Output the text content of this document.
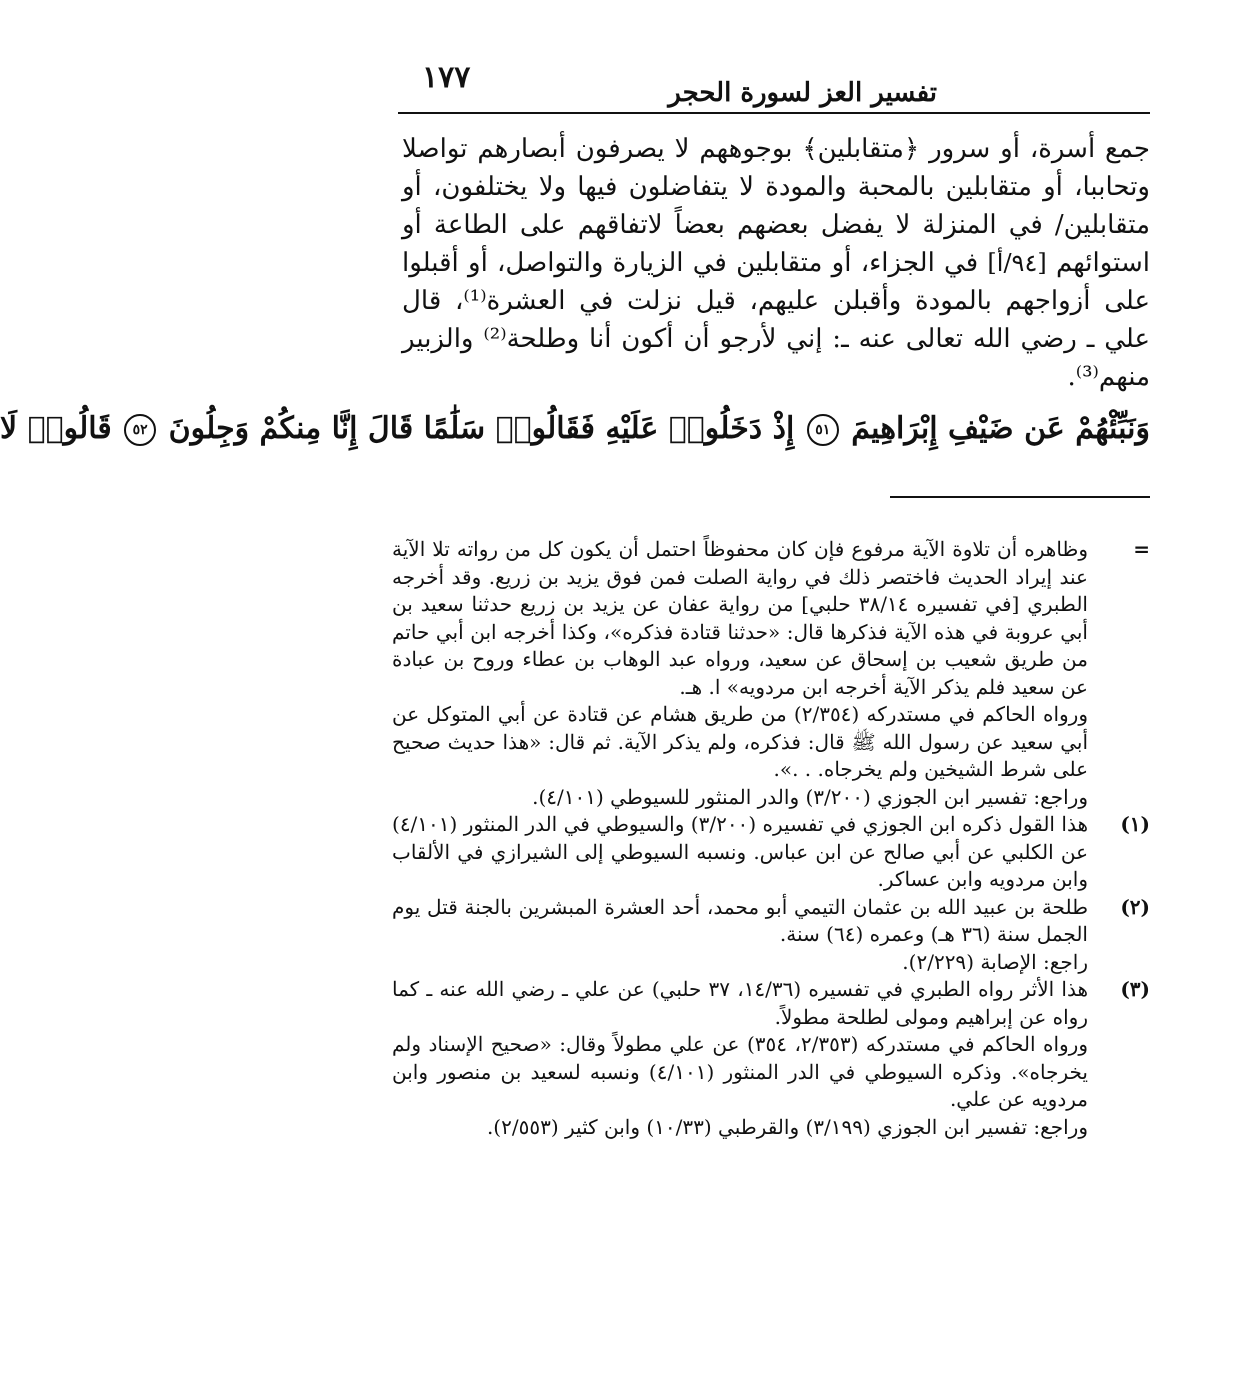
١٧٧	تفسير العز لسورة الحجر

جمع أسرة، أو سرور ﴿متقابلين﴾ بوجوههم لا يصرفون أبصارهم تواصلا وتحاببا، أو متقابلين بالمحبة والمودة لا يتفاضلون فيها ولا يختلفون، أو متقابلين/ في المنزلة لا يفضل بعضهم بعضاً لاتفاقهم على الطاعة أو استوائهم [٩٤/أ] في الجزاء، أو متقابلين في الزيارة والتواصل، أو أقبلوا على أزواجهم بالمودة وأقبلن عليهم، قيل نزلت في العشرة⁽¹⁾، قال علي ـ رضي الله تعالى عنه ـ: إني لأرجو أن أكون أنا وطلحة⁽²⁾ والزبير منهم⁽³⁾.

وَنَبِّئْهُمْ عَن ضَيْفِ إِبْرَاهِيمَ ٥١ إِذْ دَخَلُوا۟ عَلَيْهِ فَقَالُوا۟ سَلَٰمًا قَالَ إِنَّا مِنكُمْ وَجِلُونَ ٥٢ قَالُوا۟ لَا
=

وظاهره أن تلاوة الآية مرفوع فإن كان محفوظاً احتمل أن يكون كل من رواته تلا الآية عند إيراد الحديث فاختصر ذلك في رواية الصلت فمن فوق يزيد بن زريع. وقد أخرجه الطبري [في تفسيره ٣٨/١٤ حلبي] من رواية عفان عن يزيد بن زريع حدثنا سعيد بن أبي عروبة في هذه الآية فذكرها قال: «حدثنا قتادة فذكره»، وكذا أخرجه ابن أبي حاتم من طريق شعيب بن إسحاق عن سعيد، ورواه عبد الوهاب بن عطاء وروح بن عبادة عن سعيد فلم يذكر الآية أخرجه ابن مردويه» ا. هـ.

ورواه الحاكم في مستدركه (٢/٣٥٤) من طريق هشام عن قتادة عن أبي المتوكل عن أبي سعيد عن رسول الله ﷺ قال: فذكره، ولم يذكر الآية. ثم قال: «هذا حديث صحيح على شرط الشيخين ولم يخرجاه. . .».

وراجع: تفسير ابن الجوزي (٣/٢٠٠) والدر المنثور للسيوطي (٤/١٠١).

(١)

هذا القول ذكره ابن الجوزي في تفسيره (٣/٢٠٠) والسيوطي في الدر المنثور (٤/١٠١) عن الكلبي عن أبي صالح عن ابن عباس. ونسبه السيوطي إلى الشيرازي في الألقاب وابن مردويه وابن عساكر.

(٢)

طلحة بن عبيد الله بن عثمان التيمي أبو محمد، أحد العشرة المبشرين بالجنة قتل يوم الجمل سنة (٣٦ هـ) وعمره (٦٤) سنة.

راجع: الإصابة (٢/٢٢٩).

(٣)

هذا الأثر رواه الطبري في تفسيره (١٤/٣٦، ٣٧ حلبي) عن علي ـ رضي الله عنه ـ كما رواه عن إبراهيم ومولى لطلحة مطولاً.

ورواه الحاكم في مستدركه (٢/٣٥٣، ٣٥٤) عن علي مطولاً وقال: «صحيح الإسناد ولم يخرجاه». وذكره السيوطي في الدر المنثور (٤/١٠١) ونسبه لسعيد بن منصور وابن مردويه عن علي.

وراجع: تفسير ابن الجوزي (٣/١٩٩) والقرطبي (١٠/٣٣) وابن كثير (٢/٥٥٣).
